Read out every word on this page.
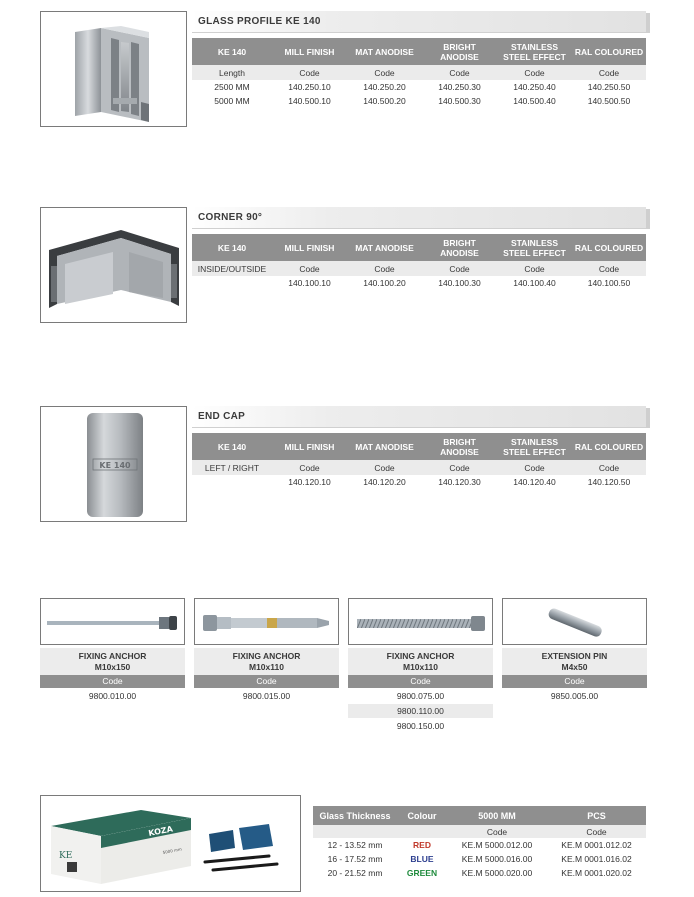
GLASS PROFILE KE 140
KE 140	MILL FINISH	MAT ANODISE	BRIGHT ANODISE	STAINLESS STEEL EFFECT	RAL COLOURED
Length	Code	Code	Code	Code	Code
2500 MM	140.250.10	140.250.20	140.250.30	140.250.40	140.250.50
5000 MM	140.500.10	140.500.20	140.500.30	140.500.40	140.500.50
CORNER 90°
KE 140	MILL FINISH	MAT ANODISE	BRIGHT ANODISE	STAINLESS STEEL EFFECT	RAL COLOURED
INSIDE/OUTSIDE	Code	Code	Code	Code	Code
	140.100.10	140.100.20	140.100.30	140.100.40	140.100.50
KE 140
END CAP
KE 140	MILL FINISH	MAT ANODISE	BRIGHT ANODISE	STAINLESS STEEL EFFECT	RAL COLOURED
LEFT / RIGHT	Code	Code	Code	Code	Code
	140.120.10	140.120.20	140.120.30	140.120.40	140.120.50
FIXING ANCHOR
M10x150
Code
9800.010.00
FIXING ANCHOR
M10x110
Code
9800.015.00
FIXING ANCHOR
M10x110
Code
9800.075.00
9800.110.00
9800.150.00
EXTENSION PIN
M4x50
Code
9850.005.00
KOZA
KE
5000 mm
Glass Thickness	Colour	5000 MM	PCS
		Code	Code
12 - 13.52 mm	RED	KE.M 5000.012.00	KE.M 0001.012.02
16 - 17.52 mm	BLUE	KE.M 5000.016.00	KE.M 0001.016.02
20 - 21.52 mm	GREEN	KE.M 5000.020.00	KE.M 0001.020.02
